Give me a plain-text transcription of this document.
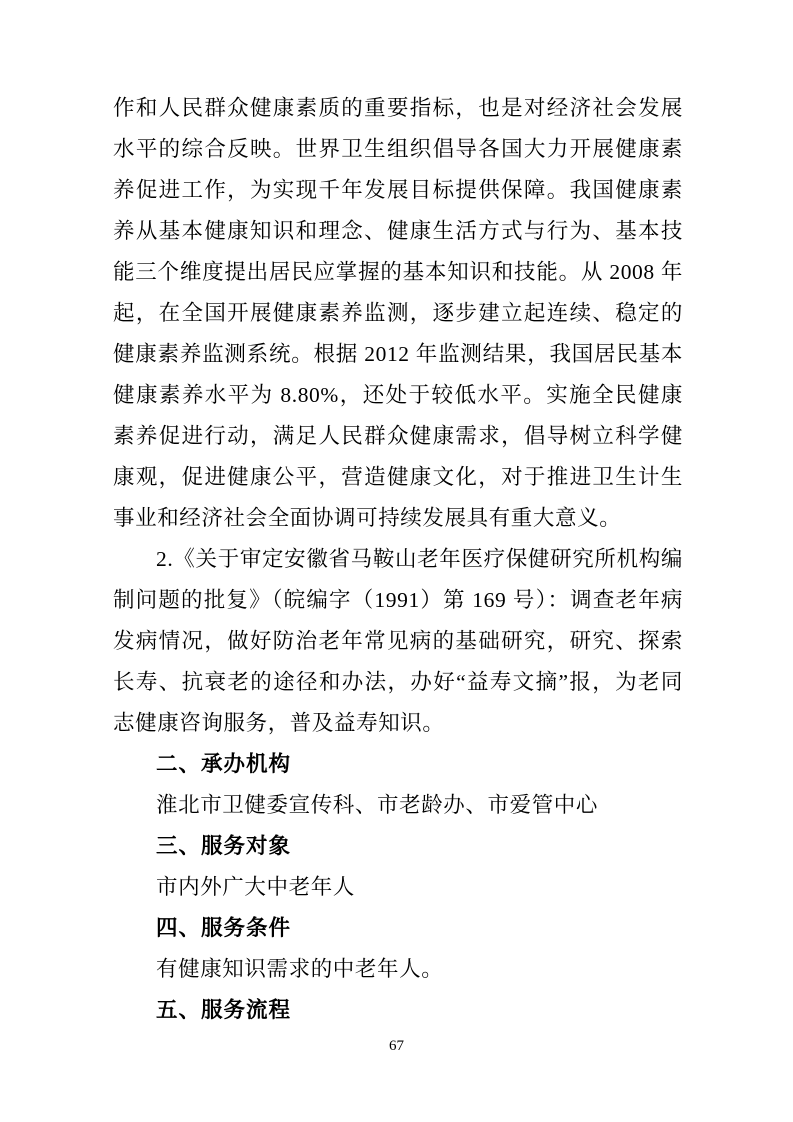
作和人民群众健康素质的重要指标，也是对经济社会发展水平的综合反映。世界卫生组织倡导各国大力开展健康素养促进工作，为实现千年发展目标提供保障。我国健康素养从基本健康知识和理念、健康生活方式与行为、基本技能三个维度提出居民应掌握的基本知识和技能。从 2008 年起，在全国开展健康素养监测，逐步建立起连续、稳定的健康素养监测系统。根据 2012 年监测结果，我国居民基本健康素养水平为 8.80%，还处于较低水平。实施全民健康素养促进行动，满足人民群众健康需求，倡导树立科学健康观，促进健康公平，营造健康文化，对于推进卫生计生事业和经济社会全面协调可持续发展具有重大意义。

2.《关于审定安徽省马鞍山老年医疗保健研究所机构编制问题的批复》（皖编字（1991）第 169 号）：调查老年病发病情况，做好防治老年常见病的基础研究，研究、探索长寿、抗衰老的途径和办法，办好“益寿文摘”报，为老同志健康咨询服务，普及益寿知识。

二、承办机构

淮北市卫健委宣传科、市老龄办、市爱管中心

三、服务对象

市内外广大中老年人

四、服务条件

有健康知识需求的中老年人。

五、服务流程
67
